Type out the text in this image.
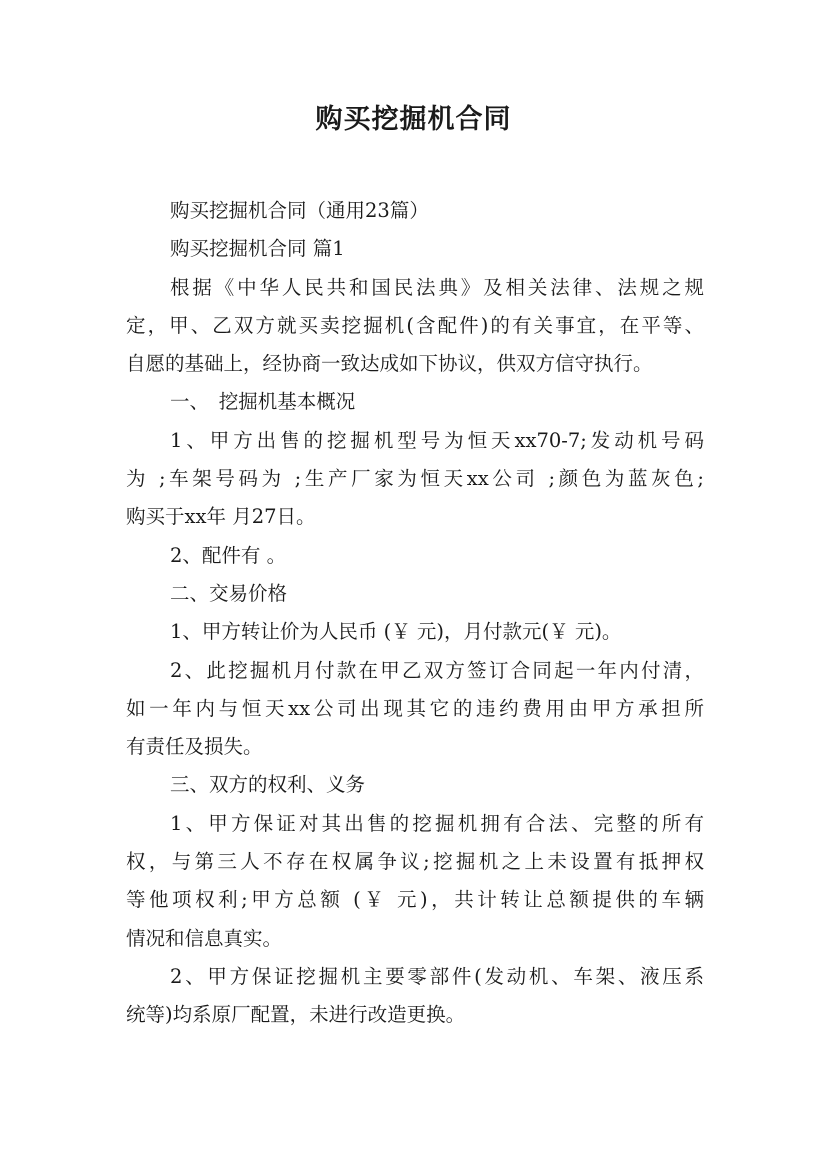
购买挖掘机合同
购买挖掘机合同（通用23篇）
购买挖掘机合同 篇1
根据《中华人民共和国民法典》及相关法律、法规之规
定，甲、乙双方就买卖挖掘机(含配件)的有关事宜，在平等、
自愿的基础上，经协商一致达成如下协议，供双方信守执行。
一、　挖掘机基本概况
1、甲方出售的挖掘机型号为恒天xx70-7;发动机号码
为 ;车架号码为 ;生产厂家为恒天xx公司 ;颜色为蓝灰色;
购买于xx年 月27日。
2、配件有 。
二、交易价格
1、甲方转让价为人民币 (￥ 元)，月付款元(￥ 元)。
2、此挖掘机月付款在甲乙双方签订合同起一年内付清，
如一年内与恒天xx公司出现其它的违约费用由甲方承担所
有责任及损失。
三、双方的权利、义务
1、甲方保证对其出售的挖掘机拥有合法、完整的所有
权，与第三人不存在权属争议;挖掘机之上未设置有抵押权
等他项权利;甲方总额 (￥ 元)，共计转让总额提供的车辆
情况和信息真实。
2、甲方保证挖掘机主要零部件(发动机、车架、液压系
统等)均系原厂配置，未进行改造更换。
